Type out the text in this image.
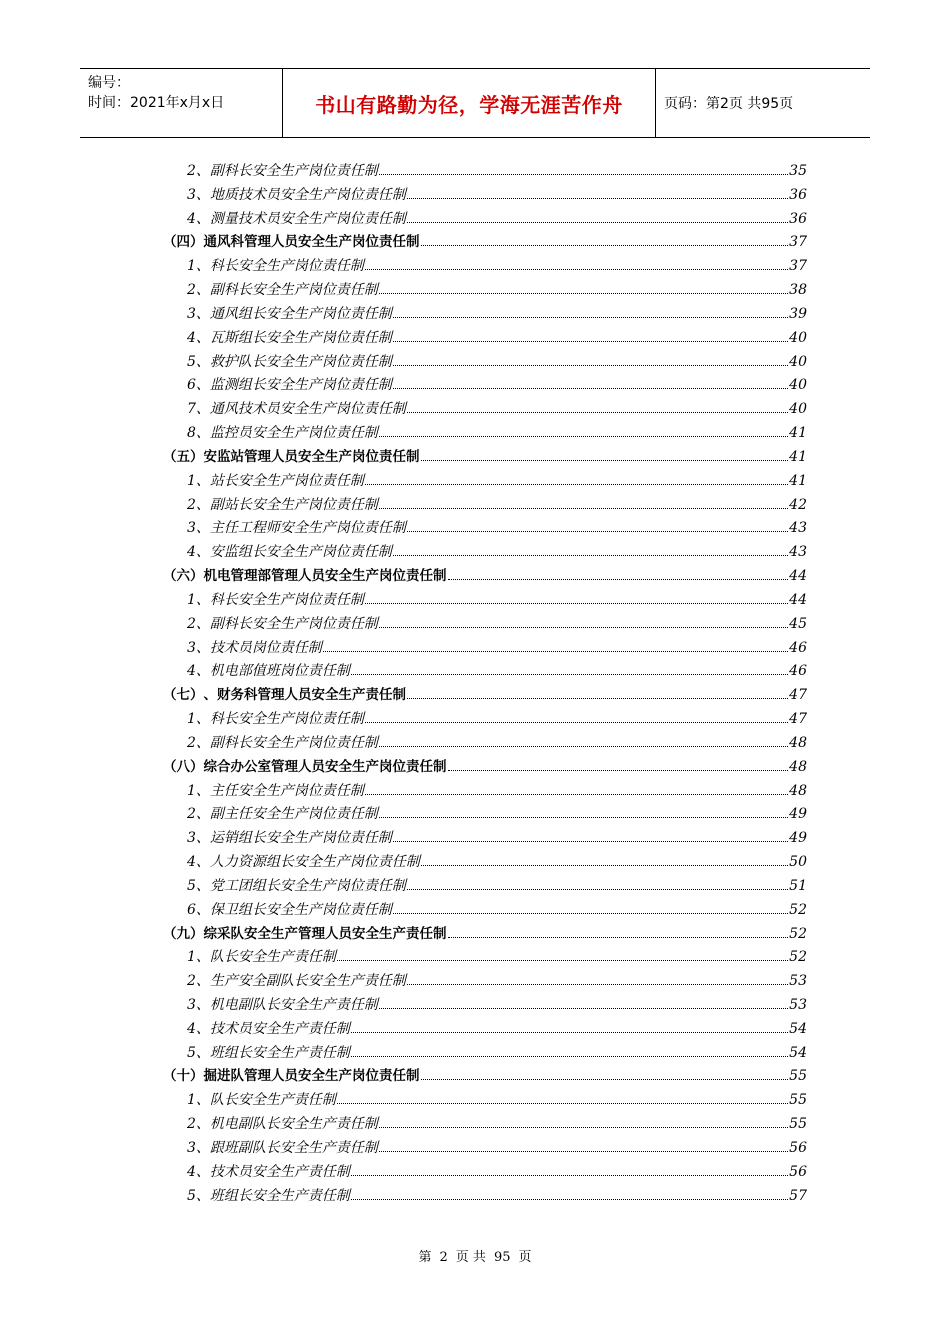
编号：
时间：2021年x月x日	书山有路勤为径，学海无涯苦作舟	页码：第2页 共95页
2、 副科长安全生产岗位责任制	35
3、 地质技术员安全生产岗位责任制	36
4、 测量技术员安全生产岗位责任制	36
（四） 通风科管理人员安全生产岗位责任制	37
1、 科长安全生产岗位责任制	37
2、 副科长安全生产岗位责任制	38
3、 通风组长安全生产岗位责任制	39
4、 瓦斯组长安全生产岗位责任制	40
5、 救护队长安全生产岗位责任制	40
6、 监测组长安全生产岗位责任制	40
7、 通风技术员安全生产岗位责任制	40
8、 监控员安全生产岗位责任制	41
（五） 安监站管理人员安全生产岗位责任制	41
1、 站长安全生产岗位责任制	41
2、 副站长安全生产岗位责任制	42
3、 主任工程师安全生产岗位责任制	43
4、 安监组长安全生产岗位责任制	43
（六） 机电管理部管理人员安全生产岗位责任制	44
1、 科长安全生产岗位责任制	44
2、 副科长安全生产岗位责任制	45
3、 技术员岗位责任制	46
4、 机电部值班岗位责任制	46
（七） 、财务科管理人员安全生产责任制	47
1、 科长安全生产岗位责任制	47
2、 副科长安全生产岗位责任制	48
（八） 综合办公室管理人员安全生产岗位责任制	48
1、 主任安全生产岗位责任制	48
2、 副主任安全生产岗位责任制	49
3、 运销组长安全生产岗位责任制	49
4、 人力资源组长安全生产岗位责任制	50
5、 党工团组长安全生产岗位责任制	51
6、 保卫组长安全生产岗位责任制	52
（九） 综采队安全生产管理人员安全生产责任制	52
1、 队长安全生产责任制	52
2、 生产安全副队长安全生产责任制	53
3、 机电副队长安全生产责任制	53
4、 技术员安全生产责任制	54
5、 班组长安全生产责任制	54
（十） 掘进队管理人员安全生产岗位责任制	55
1、 队长安全生产责任制	55
2、 机电副队长安全生产责任制	55
3、 跟班副队长安全生产责任制	56
4、 技术员安全生产责任制	56
5、 班组长安全生产责任制	57
第 2 页 共 95 页
